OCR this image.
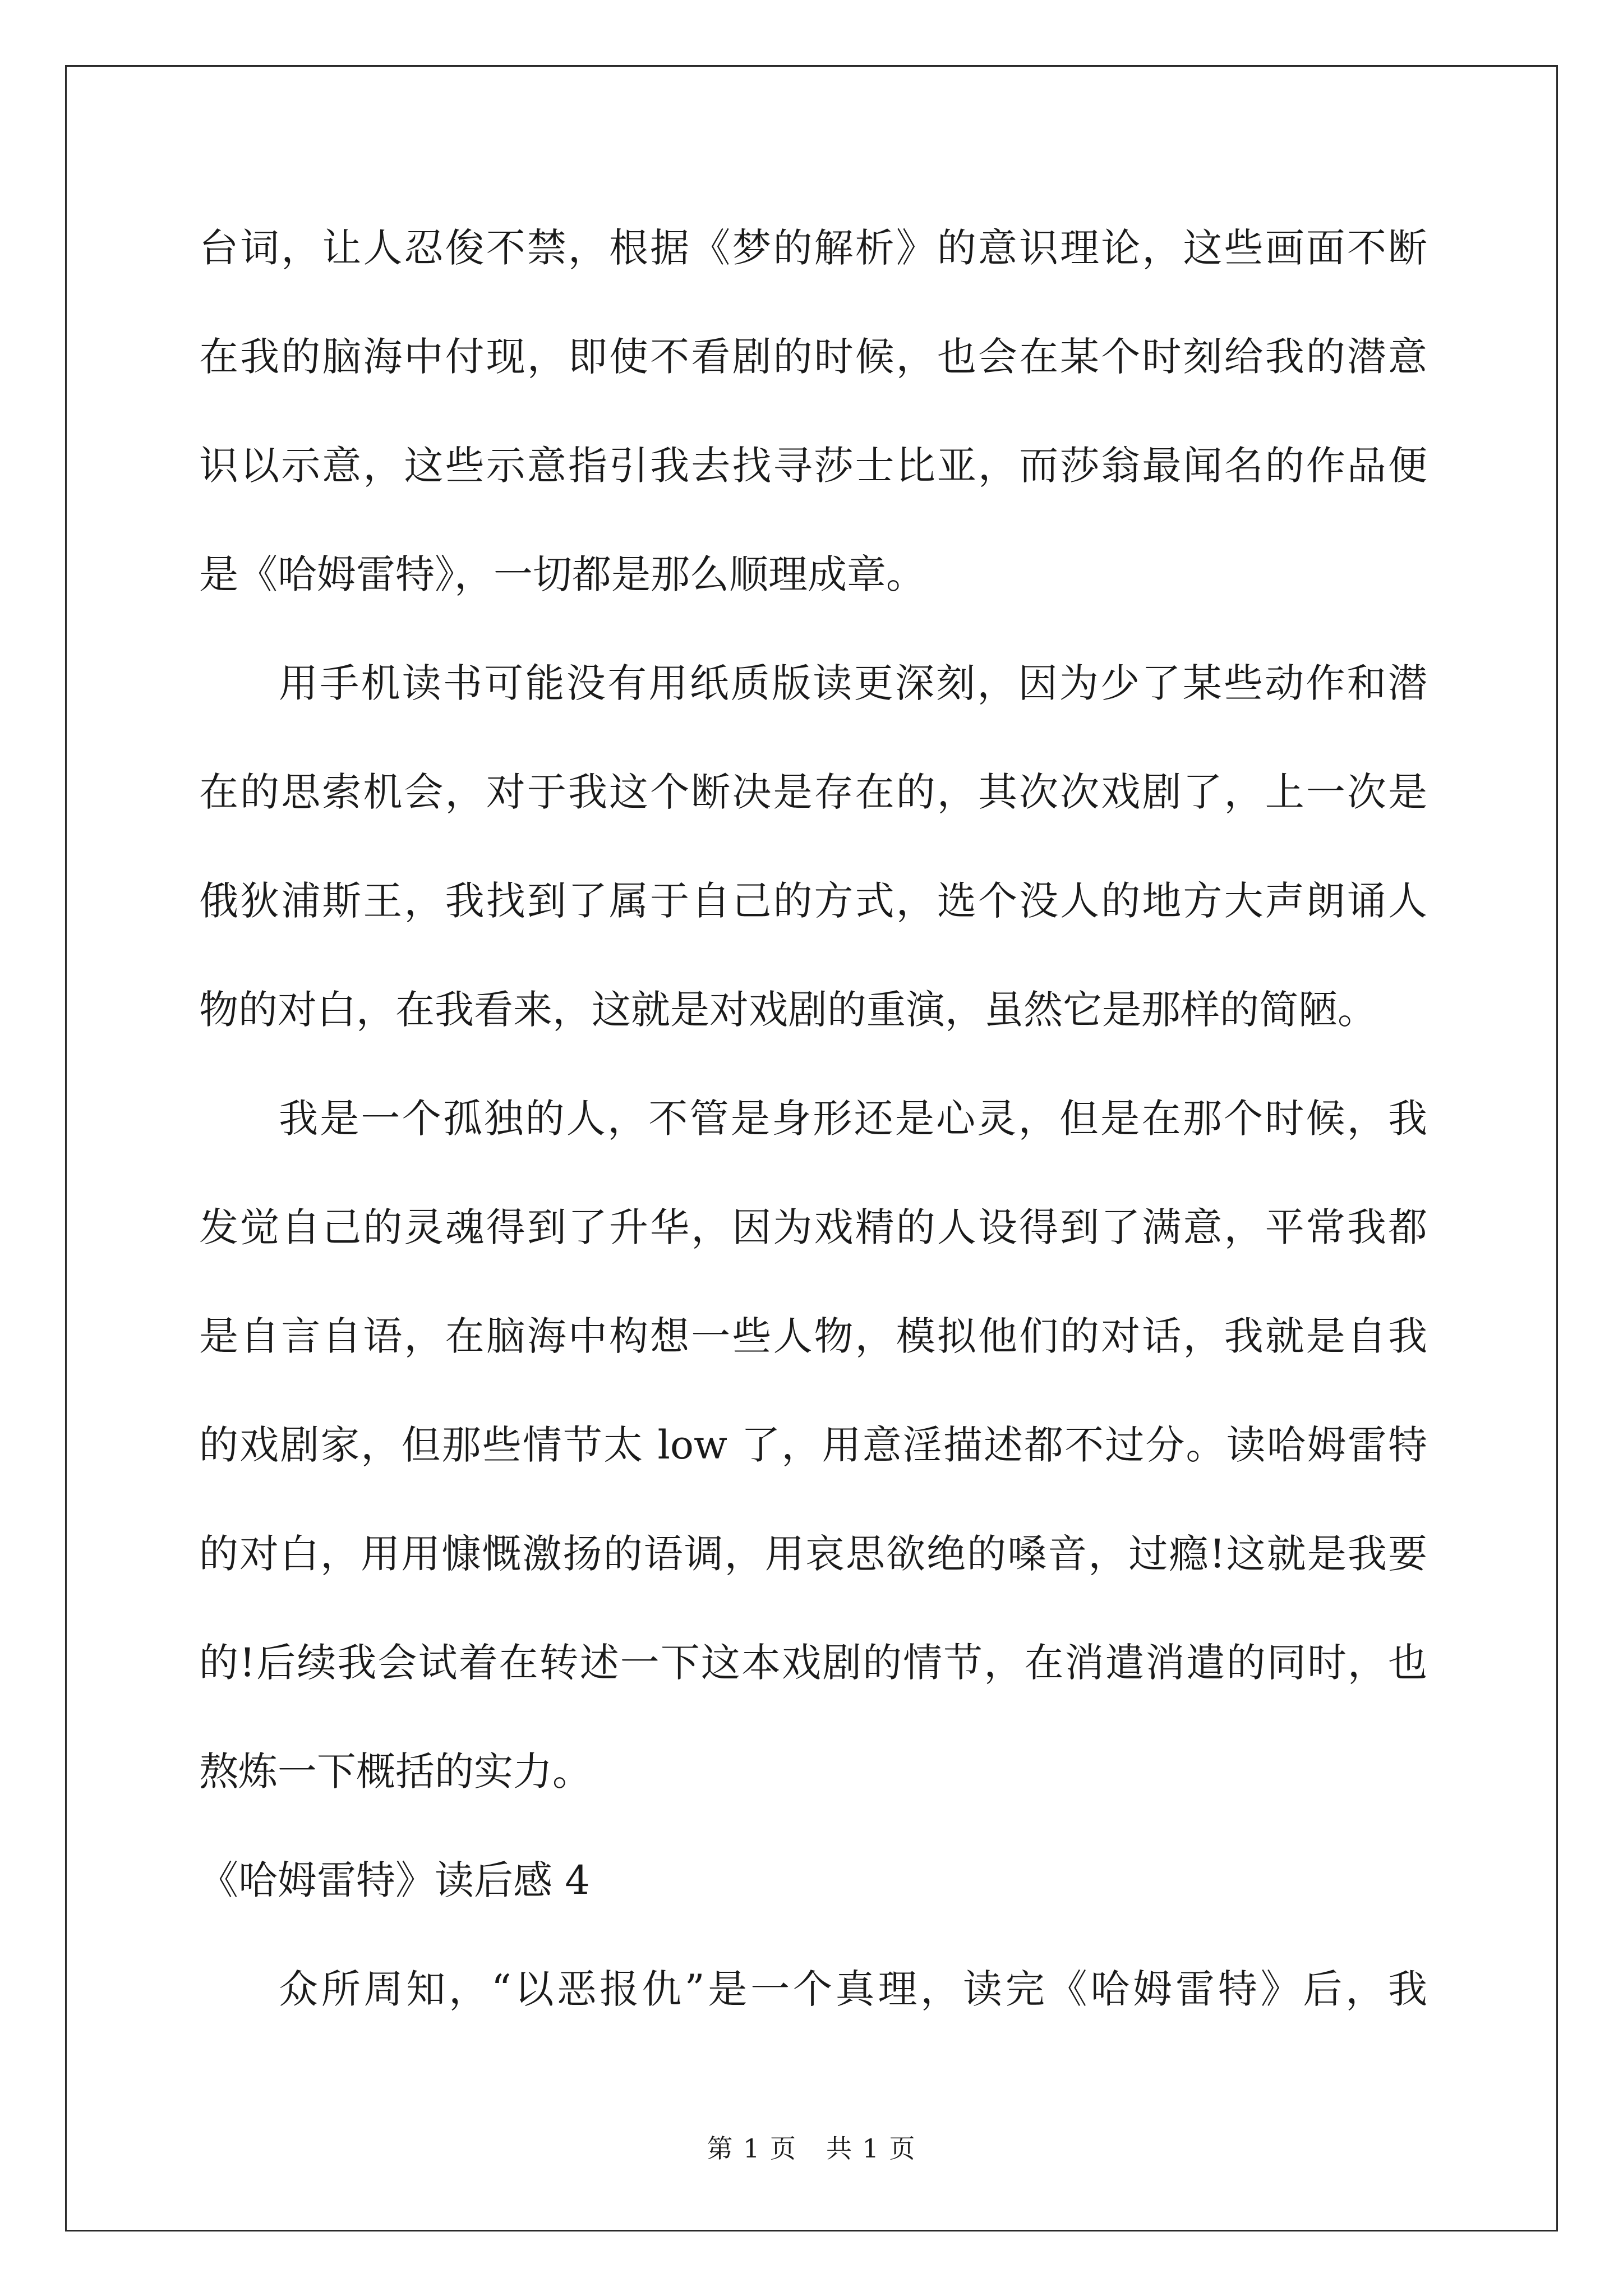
台词，让人忍俊不禁，根据《梦的解析》的意识理论，这些画面不断
在我的脑海中付现，即使不看剧的时候，也会在某个时刻给我的潜意
识以示意，这些示意指引我去找寻莎士比亚，而莎翁最闻名的作品便
是《哈姆雷特》，一切都是那么顺理成章。
用手机读书可能没有用纸质版读更深刻，因为少了某些动作和潜
在的思索机会，对于我这个断决是存在的，其次次戏剧了，上一次是
俄狄浦斯王，我找到了属于自己的方式，选个没人的地方大声朗诵人
物的对白，在我看来，这就是对戏剧的重演，虽然它是那样的简陋。
我是一个孤独的人，不管是身形还是心灵，但是在那个时候，我
发觉自己的灵魂得到了升华，因为戏精的人设得到了满意，平常我都
是自言自语，在脑海中构想一些人物，模拟他们的对话，我就是自我
的戏剧家，但那些情节太 low 了，用意淫描述都不过分。读哈姆雷特
的对白，用用慷慨激扬的语调，用哀思欲绝的嗓音，过瘾!这就是我要
的!后续我会试着在转述一下这本戏剧的情节，在消遣消遣的同时，也
熬炼一下概括的实力。
《哈姆雷特》读后感 4
众所周知，“以恶报仇”是一个真理，读完《哈姆雷特》后，我
第 1 页 共 1 页
